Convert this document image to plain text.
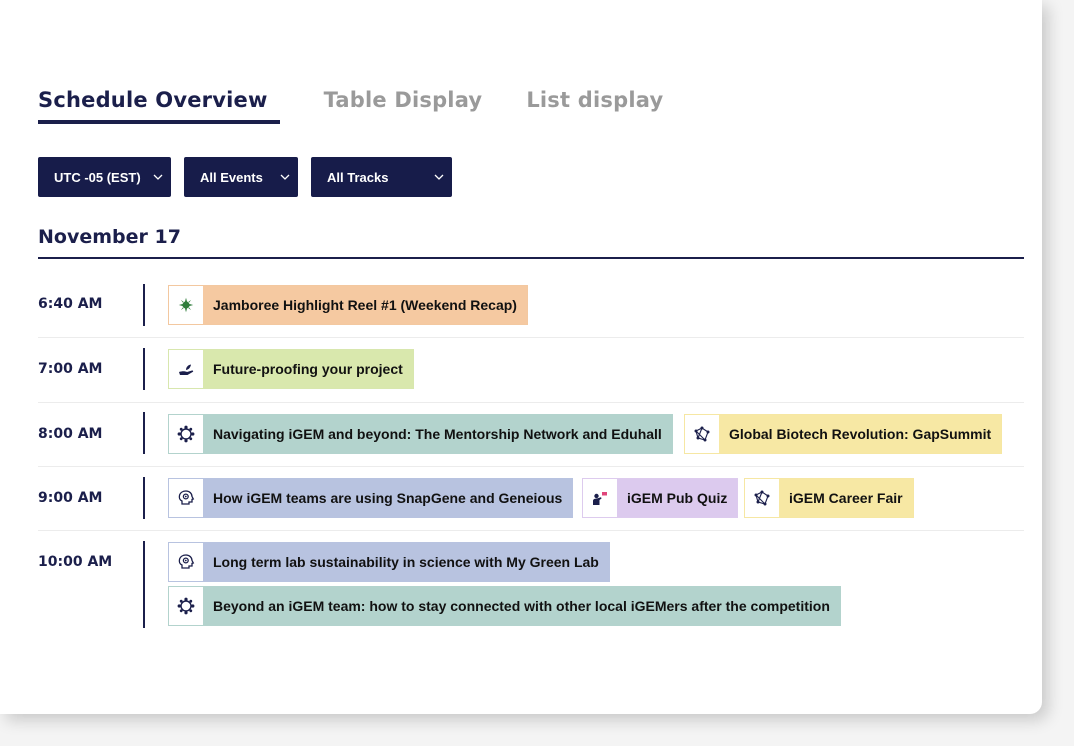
Schedule Overview	Table Display List display
UTC -05 (EST)	All Events	All Tracks
November 17
6:40 AM	Jamboree Highlight Reel #1 (Weekend Recap)
7:00 AM	Future-proofing your project
8:00 AM	Navigating iGEM and beyond: The Mentorship Network and Eduhall	Global Biotech Revolution: GapSummit
9:00 AM	How iGEM teams are using SnapGene and Geneious	iGEM Pub Quiz	iGEM Career Fair
10:00 AM	Long term lab sustainability in science with My Green Lab
Beyond an iGEM team: how to stay connected with other local iGEMers after the competition
